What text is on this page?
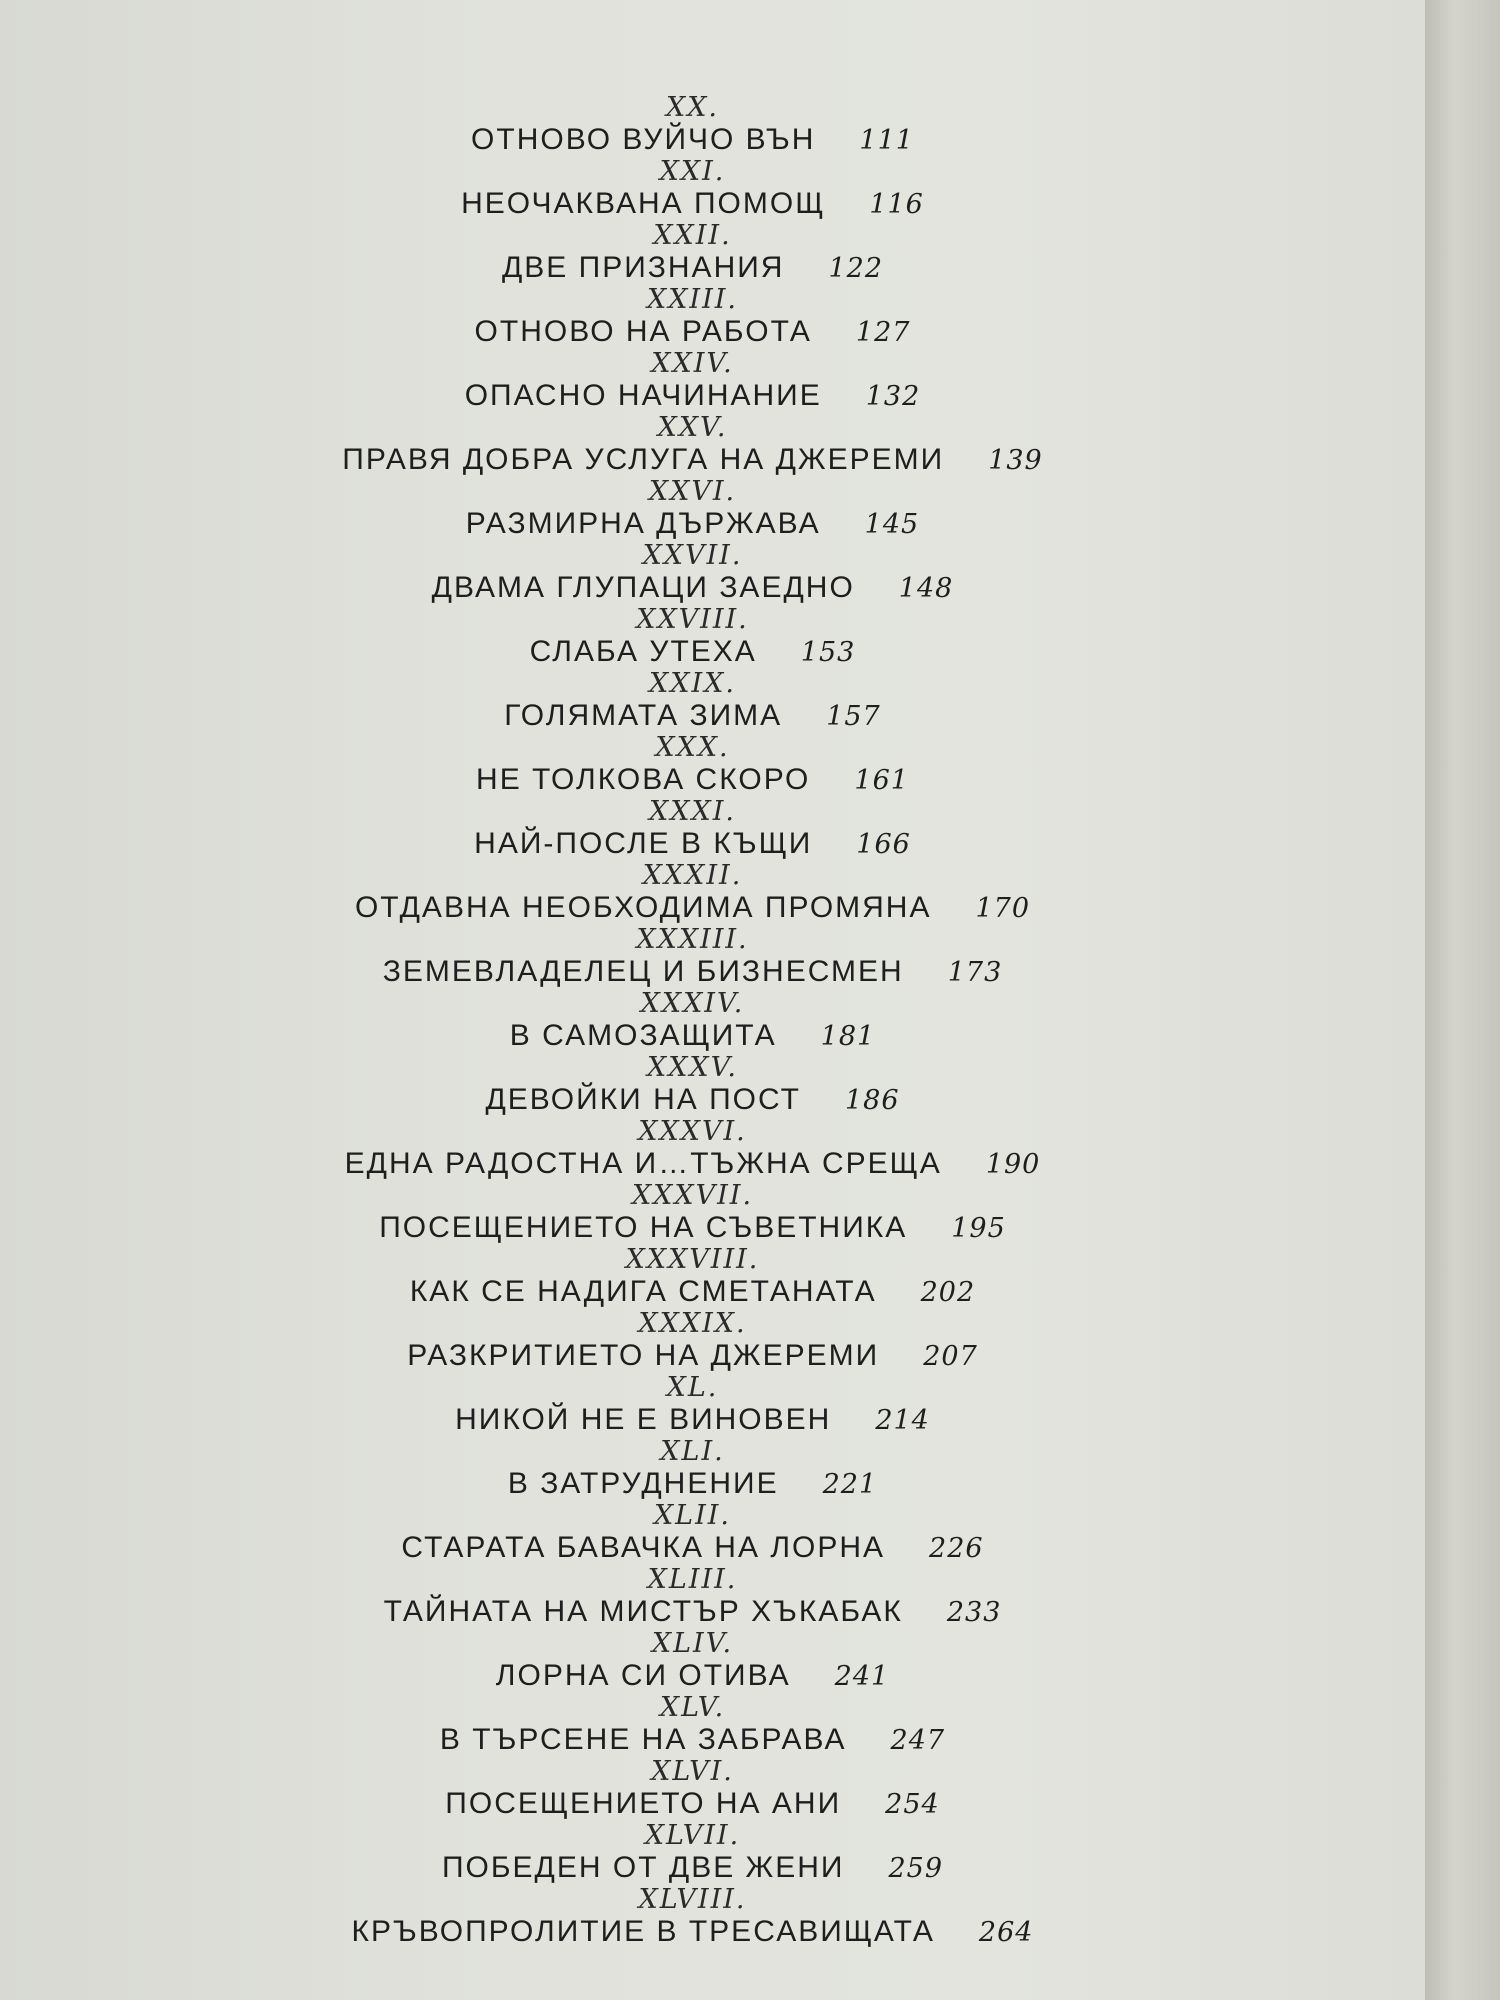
XX.
ОТНОВО ВУЙЧО ВЪН 111
XXI.
НЕОЧАКВАНА ПОМОЩ 116
XXII.
ДВЕ ПРИЗНАНИЯ 122
XXIII.
ОТНОВО НА РАБОТА 127
XXIV.
ОПАСНО НАЧИНАНИЕ 132
XXV.
ПРАВЯ ДОБРА УСЛУГА НА ДЖЕРЕМИ 139
XXVI.
РАЗМИРНА ДЪРЖАВА 145
XXVII.
ДВАМА ГЛУПАЦИ ЗАЕДНО 148
XXVIII.
СЛАБА УТЕХА 153
XXIX.
ГОЛЯМАТА ЗИМА 157
XXX.
НЕ ТОЛКОВА СКОРО 161
XXXI.
НАЙ-ПОСЛЕ В КЪЩИ 166
XXXII.
ОТДАВНА НЕОБХОДИМА ПРОМЯНА 170
XXXIII.
ЗЕМЕВЛАДЕЛЕЦ И БИЗНЕСМЕН 173
XXXIV.
В САМОЗАЩИТА 181
XXXV.
ДЕВОЙКИ НА ПОСТ 186
XXXVI.
ЕДНА РАДОСТНА И…ТЪЖНА СРЕЩА 190
XXXVII.
ПОСЕЩЕНИЕТО НА СЪВЕТНИКА 195
XXXVIII.
КАК СЕ НАДИГА СМЕТАНАТА 202
XXXIX.
РАЗКРИТИЕТО НА ДЖЕРЕМИ 207
XL.
НИКОЙ НЕ Е ВИНОВЕН 214
XLI.
В ЗАТРУДНЕНИЕ 221
XLII.
СТАРАТА БАВАЧКА НА ЛОРНА 226
XLIII.
ТАЙНАТА НА МИСТЪР ХЪКАБАК 233
XLIV.
ЛОРНА СИ ОТИВА 241
XLV.
В ТЪРСЕНЕ НА ЗАБРАВА 247
XLVI.
ПОСЕЩЕНИЕТО НА АНИ 254
XLVII.
ПОБЕДЕН ОТ ДВЕ ЖЕНИ 259
XLVIII.
КРЪВОПРОЛИТИЕ В ТРЕСАВИЩАТА 264
